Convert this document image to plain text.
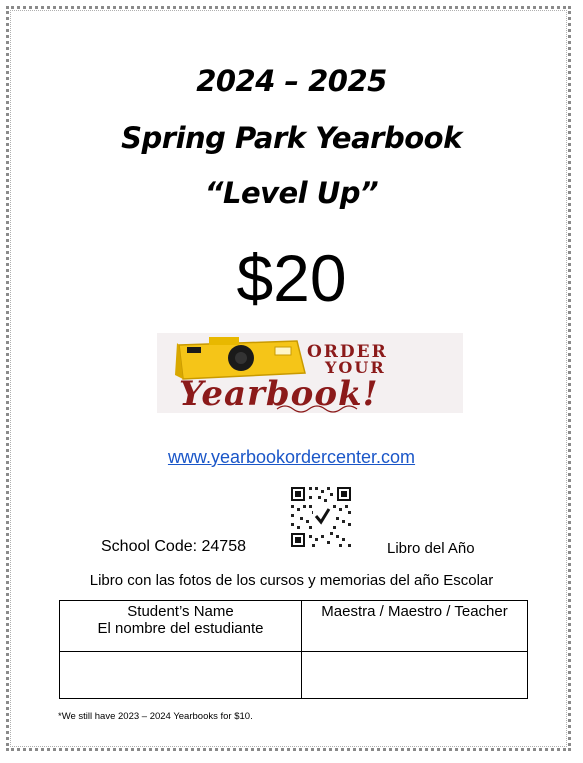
2024 – 2025
Spring Park Yearbook
“Level Up”
$20
ORDER
YOUR
Yearbook!
www.yearbookordercenter.com
School Code: 24758	Libro del Año
Libro con las fotos de los cursos y memorias del año Escolar
Student’s Name
El nombre del estudiante	Maestra / Maestro / Teacher

*We still have 2023 – 2024 Yearbooks for $10.
